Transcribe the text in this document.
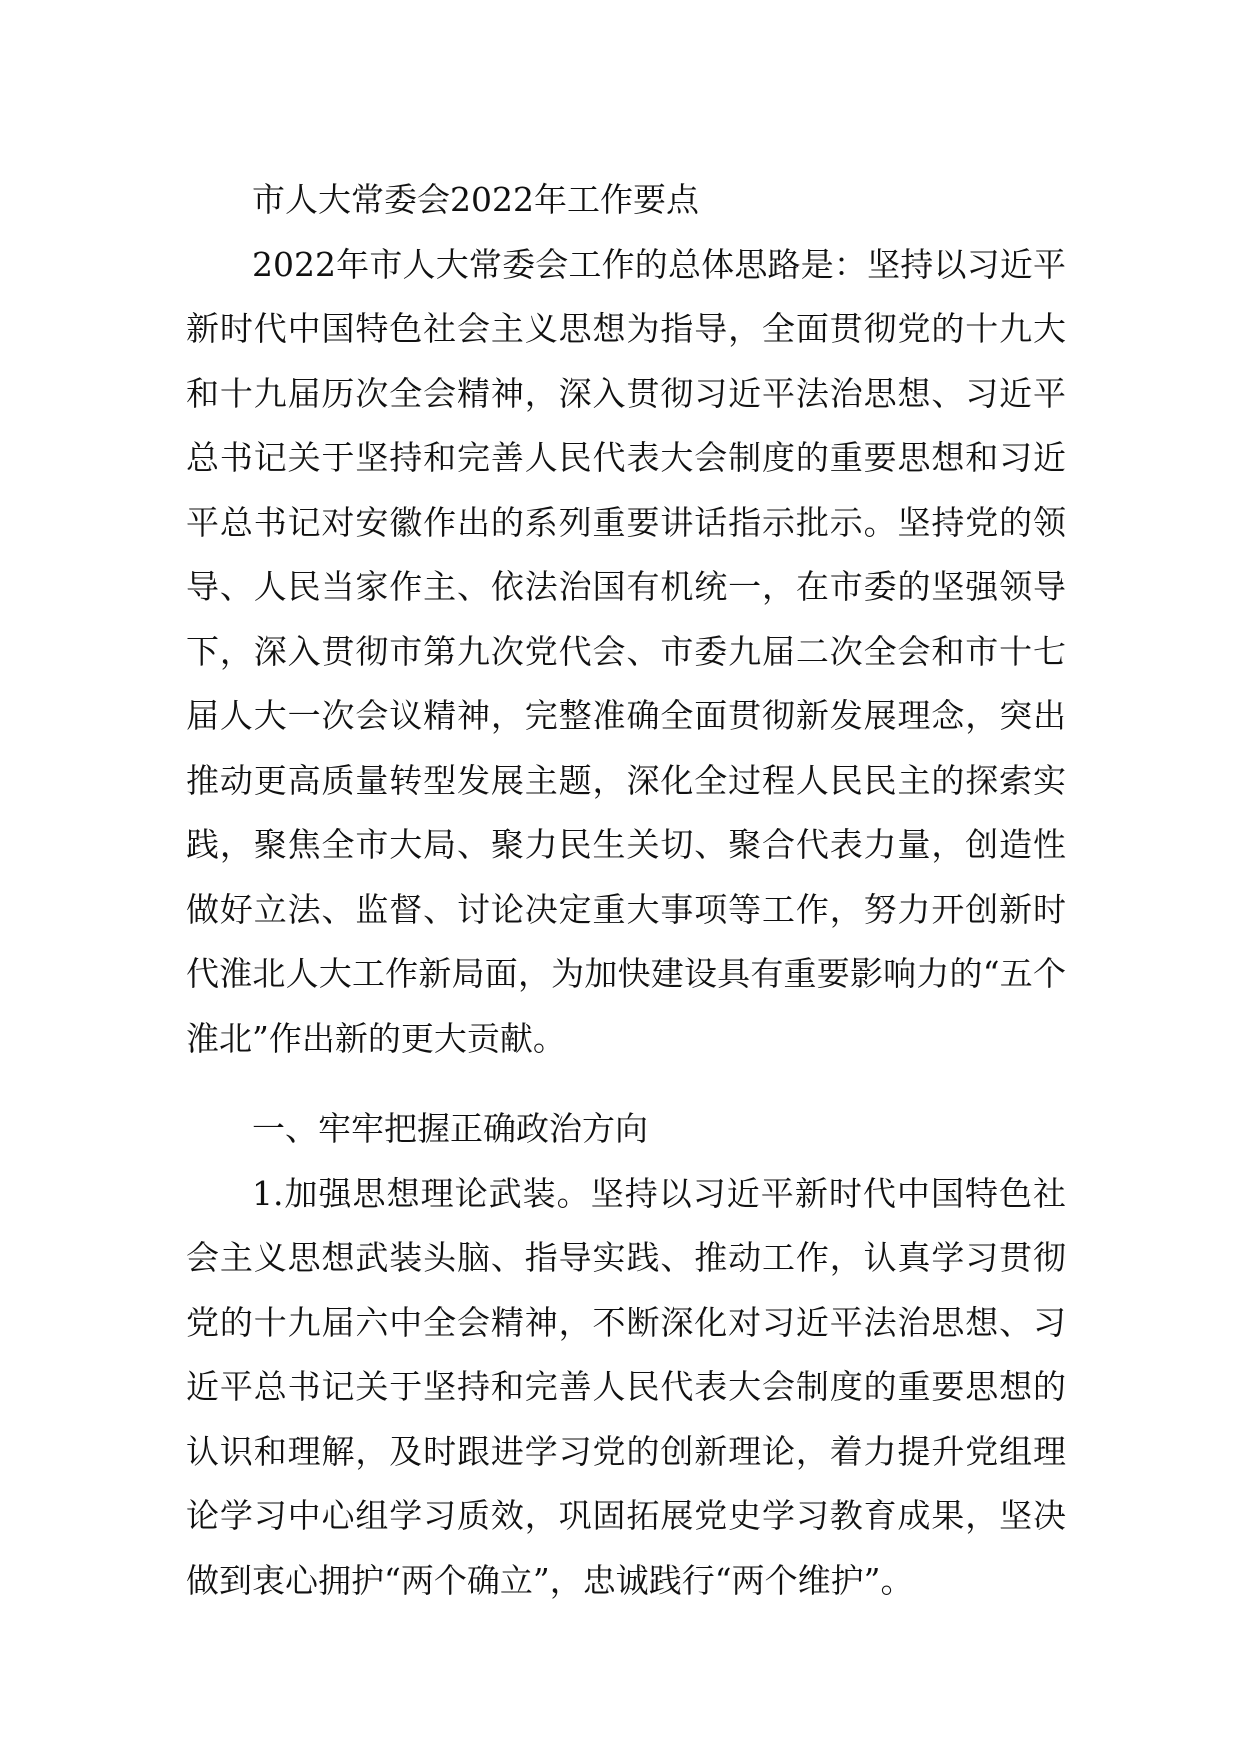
市人大常委会2022年工作要点

2022年市人大常委会工作的总体思路是：坚持以习近平新时代中国特色社会主义思想为指导，全面贯彻党的十九大和十九届历次全会精神，深入贯彻习近平法治思想、习近平总书记关于坚持和完善人民代表大会制度的重要思想和习近平总书记对安徽作出的系列重要讲话指示批示。坚持党的领导、人民当家作主、依法治国有机统一，在市委的坚强领导下，深入贯彻市第九次党代会、市委九届二次全会和市十七届人大一次会议精神，完整准确全面贯彻新发展理念，突出推动更高质量转型发展主题，深化全过程人民民主的探索实践，聚焦全市大局、聚力民生关切、聚合代表力量，创造性做好立法、监督、讨论决定重大事项等工作，努力开创新时代淮北人大工作新局面，为加快建设具有重要影响力的“五个淮北”作出新的更大贡献。

一、牢牢把握正确政治方向

1.加强思想理论武装。坚持以习近平新时代中国特色社会主义思想武装头脑、指导实践、推动工作，认真学习贯彻党的十九届六中全会精神，不断深化对习近平法治思想、习近平总书记关于坚持和完善人民代表大会制度的重要思想的认识和理解，及时跟进学习党的创新理论，着力提升党组理论学习中心组学习质效，巩固拓展党史学习教育成果，坚决做到衷心拥护“两个确立”，忠诚践行“两个维护”。
